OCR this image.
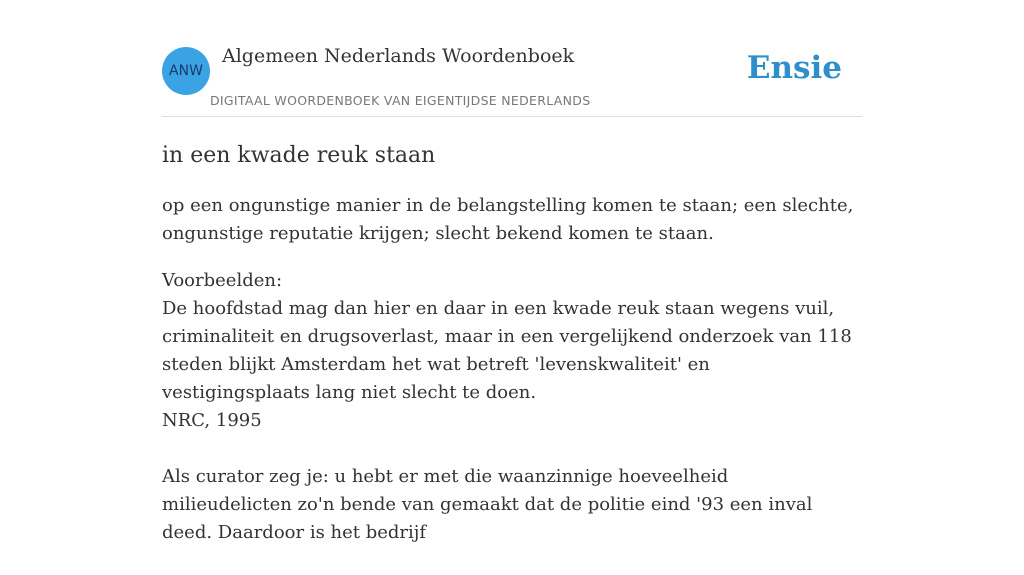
ANW
Algemeen Nederlands Woordenboek
DIGITAAL WOORDENBOEK VAN EIGENTIJDSE NEDERLANDS
Ensie
in een kwade reuk staan

op een ongunstige manier in de belangstelling komen te staan; een slechte, ongunstige reputatie krijgen; slecht bekend komen te staan.

Voorbeelden:

De hoofdstad mag dan hier en daar in een kwade reuk staan wegens vuil, criminaliteit en drugsoverlast, maar in een vergelijkend onderzoek van 118 steden blijkt Amsterdam het wat betreft 'levenskwaliteit' en vestigingsplaats lang niet slecht te doen.

NRC, 1995

Als curator zeg je: u hebt er met die waanzinnige hoeveelheid milieudelicten zo'n bende van gemaakt dat de politie eind '93 een inval deed. Daardoor is het bedrijf
